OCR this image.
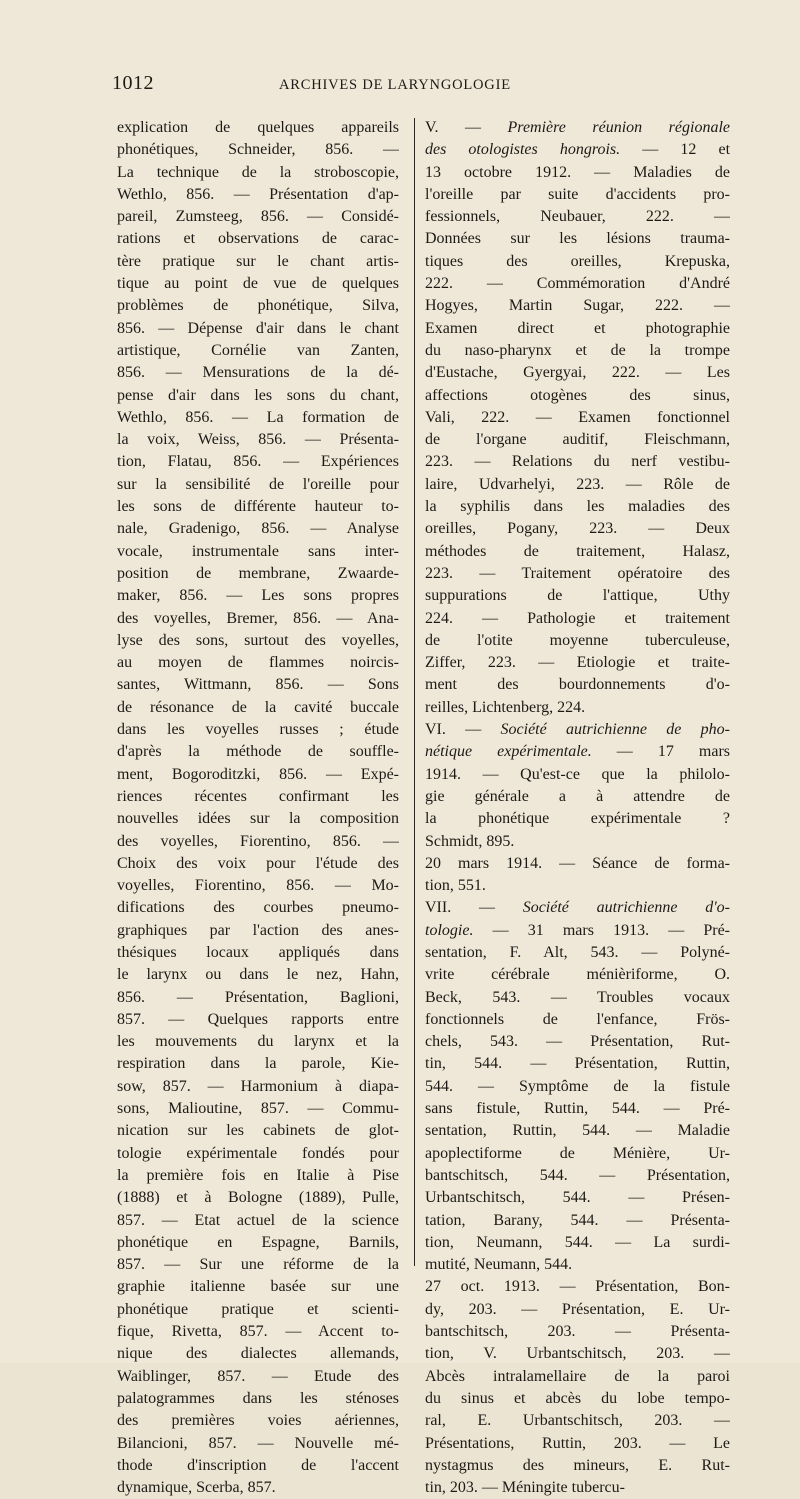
1012	ARCHIVES DE LARYNGOLOGIE
explication de quelques appareils
phonétiques, Schneider, 856. —
La technique de la stroboscopie,
Wethlo, 856. — Présentation d'ap-
pareil, Zumsteeg, 856. — Considé-
rations et observations de carac-
tère pratique sur le chant artis-
tique au point de vue de quelques
problèmes de phonétique, Silva,
856. — Dépense d'air dans le chant
artistique, Cornélie van Zanten,
856. — Mensurations de la dé-
pense d'air dans les sons du chant,
Wethlo, 856. — La formation de
la voix, Weiss, 856. — Présenta-
tion, Flatau, 856. — Expériences
sur la sensibilité de l'oreille pour
les sons de différente hauteur to-
nale, Gradenigo, 856. — Analyse
vocale, instrumentale sans inter-
position de membrane, Zwaarde-
maker, 856. — Les sons propres
des voyelles, Bremer, 856. — Ana-
lyse des sons, surtout des voyelles,
au moyen de flammes noircis-
santes, Wittmann, 856. — Sons
de résonance de la cavité buccale
dans les voyelles russes ; étude
d'après la méthode de souffle-
ment, Bogoroditzki, 856. — Expé-
riences récentes confirmant les
nouvelles idées sur la composition
des voyelles, Fiorentino, 856. —
Choix des voix pour l'étude des
voyelles, Fiorentino, 856. — Mo-
difications des courbes pneumo-
graphiques par l'action des anes-
thésiques locaux appliqués dans
le larynx ou dans le nez, Hahn,
856. — Présentation, Baglioni,
857. — Quelques rapports entre
les mouvements du larynx et la
respiration dans la parole, Kie-
sow, 857. — Harmonium à diapa-
sons, Malioutine, 857. — Commu-
nication sur les cabinets de glot-
tologie expérimentale fondés pour
la première fois en Italie à Pise
(1888) et à Bologne (1889), Pulle,
857. — Etat actuel de la science
phonétique en Espagne, Barnils,
857. — Sur une réforme de la
graphie italienne basée sur une
phonétique pratique et scienti-
fique, Rivetta, 857. — Accent to-
nique des dialectes allemands,
Waiblinger, 857. — Etude des
palatogrammes dans les sténoses
des premières voies aériennes,
Bilancioni, 857. — Nouvelle mé-
thode d'inscription de l'accent
dynamique, Scerba, 857.
V. — Première réunion régionale
des otologistes hongrois. — 12 et
13 octobre 1912. — Maladies de
l'oreille par suite d'accidents pro-
fessionnels, Neubauer, 222. —
Données sur les lésions trauma-
tiques des oreilles, Krepuska,
222. — Commémoration d'André
Hogyes, Martin Sugar, 222. —
Examen direct et photographie
du naso-pharynx et de la trompe
d'Eustache, Gyergyai, 222. — Les
affections otogènes des sinus,
Vali, 222. — Examen fonctionnel
de l'organe auditif, Fleischmann,
223. — Relations du nerf vestibu-
laire, Udvarhelyi, 223. — Rôle de
la syphilis dans les maladies des
oreilles, Pogany, 223. — Deux
méthodes de traitement, Halasz,
223. — Traitement opératoire des
suppurations de l'attique, Uthy
224. — Pathologie et traitement
de l'otite moyenne tuberculeuse,
Ziffer, 223. — Etiologie et traite-
ment des bourdonnements d'o-
reilles, Lichtenberg, 224.
VI. — Société autrichienne de pho-
nétique expérimentale. — 17 mars
1914. — Qu'est-ce que la philolo-
gie générale a à attendre de
la phonétique expérimentale ?
Schmidt, 895.
20 mars 1914. — Séance de forma-
tion, 551.
VII. — Société autrichienne d'o-
tologie. — 31 mars 1913. — Pré-
sentation, F. Alt, 543. — Polyné-
vrite cérébrale ménièriforme, O.
Beck, 543. — Troubles vocaux
fonctionnels de l'enfance, Frös-
chels, 543. — Présentation, Rut-
tin, 544. — Présentation, Ruttin,
544. — Symptôme de la fistule
sans fistule, Ruttin, 544. — Pré-
sentation, Ruttin, 544. — Maladie
apoplectiforme de Ménière, Ur-
bantschitsch, 544. — Présentation,
Urbantschitsch, 544. — Présen-
tation, Barany, 544. — Présenta-
tion, Neumann, 544. — La surdi-
mutité, Neumann, 544.
27 oct. 1913. — Présentation, Bon-
dy, 203. — Présentation, E. Ur-
bantschitsch, 203. — Présenta-
tion, V. Urbantschitsch, 203. —
Abcès intralamellaire de la paroi
du sinus et abcès du lobe tempo-
ral, E. Urbantschitsch, 203. —
Présentations, Ruttin, 203. — Le
nystagmus des mineurs, E. Rut-
tin, 203. — Méningite tubercu-
